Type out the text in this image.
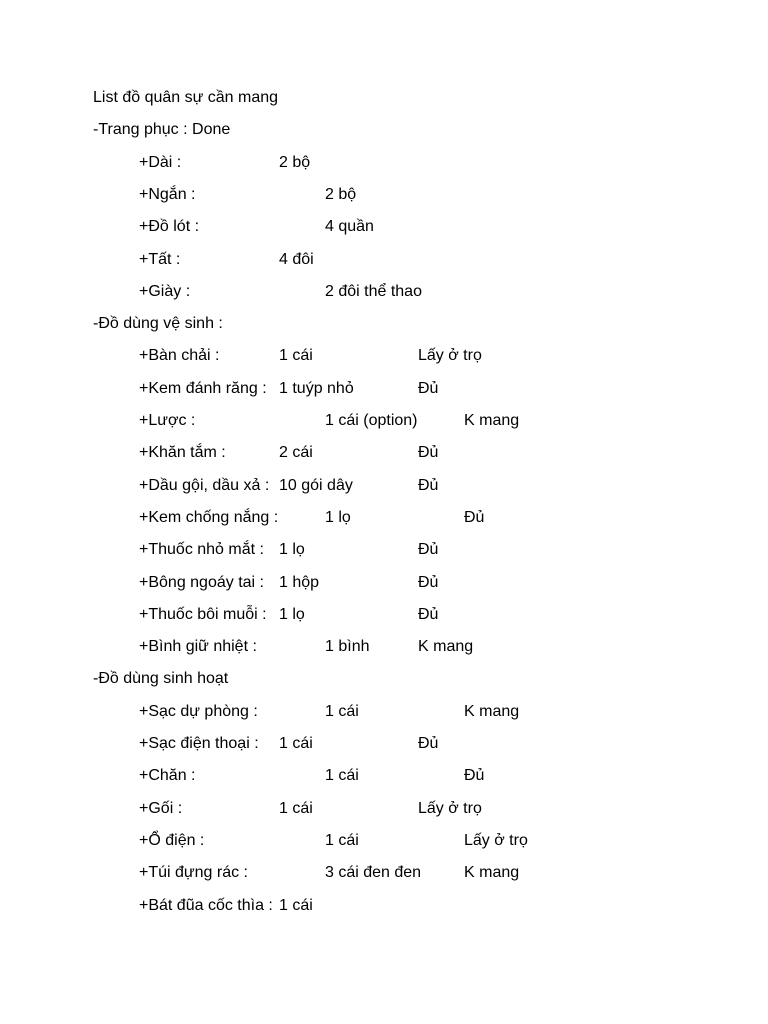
List đồ quân sự cần mang
-Trang phục : Done
+Dài :	2 bộ
+Ngắn :	2 bộ
+Đồ lót :	4 quần
+Tất :	4 đôi
+Giày :	2 đôi thể thao
-Đồ dùng vệ sinh :
+Bàn chải :	1 cái	Lấy ở trọ
+Kem đánh răng : 1 tuýp nhỏ	Đủ
+Lược :	1 cái (option)	K mang
+Khăn tắm :	2 cái	Đủ
+Dầu gội, dầu xả : 10 gói dây	Đủ
+Kem chống nắng :	1 lọ	Đủ
+Thuốc nhỏ mắt : 1 lọ	Đủ
+Bông ngoáy tai : 1 hộp	Đủ
+Thuốc bôi muỗi : 1 lọ	Đủ
+Bình giữ nhiệt :	1 bình	K mang
-Đồ dùng sinh hoạt
+Sạc dự phòng :	1 cái	K mang
+Sạc điện thoại : 1 cái	Đủ
+Chăn :	1 cái	Đủ
+Gối :	1 cái	Lấy ở trọ
+Ổ điện :	1 cái	Lấy ở trọ
+Túi đựng rác :	3 cái đen đen	K mang
+Bát đũa cốc thìa : 1 cái
